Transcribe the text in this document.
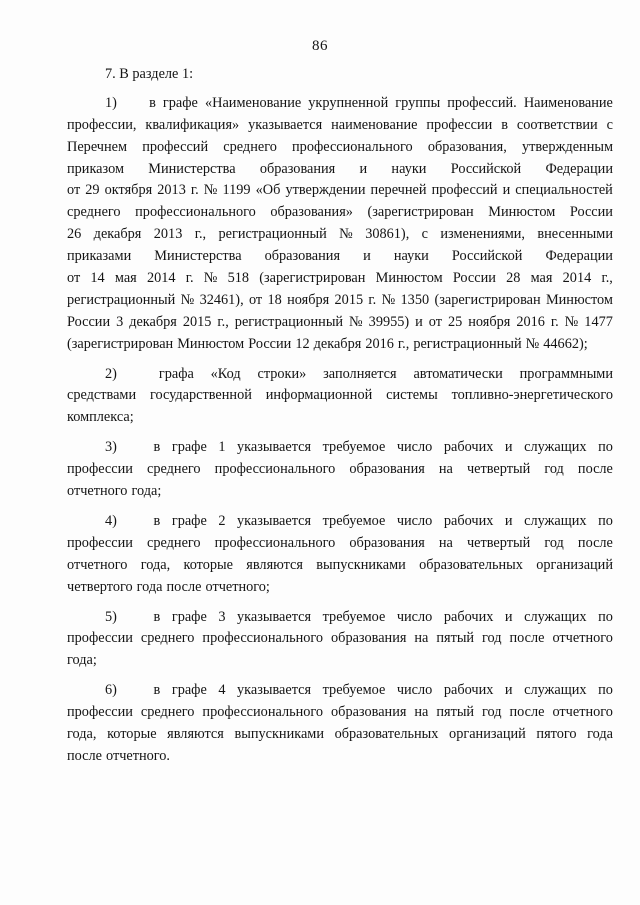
86
7. В разделе 1:
1)	в графе «Наименование укрупненной группы профессий. Наименование
профессии, квалификация» указывается наименование профессии в соответствии с
Перечнем профессий среднего профессионального образования, утвержденным
приказом Министерства образования и науки Российской Федерации
от 29 октября 2013 г. № 1199 «Об утверждении перечней профессий и специальностей
среднего профессионального образования» (зарегистрирован Минюстом России
26 декабря 2013 г., регистрационный № 30861), с изменениями, внесенными
приказами Министерства образования и науки Российской Федерации
от 14 мая 2014 г. № 518 (зарегистрирован Минюстом России 28 мая 2014 г.,
регистрационный № 32461), от 18 ноября 2015 г. № 1350 (зарегистрирован Минюстом
России 3 декабря 2015 г., регистрационный № 39955) и от 25 ноября 2016 г. № 1477
(зарегистрирован Минюстом России 12 декабря 2016 г., регистрационный № 44662);
2)	графа «Код строки» заполняется автоматически программными
средствами государственной информационной системы топливно-энергетического
комплекса;
3)	в графе 1 указывается требуемое число рабочих и служащих по
профессии среднего профессионального образования на четвертый год после
отчетного года;
4)	в графе 2 указывается требуемое число рабочих и служащих по
профессии среднего профессионального образования на четвертый год после
отчетного года, которые являются выпускниками образовательных организаций
четвертого года после отчетного;
5)	в графе 3 указывается требуемое число рабочих и служащих по
профессии среднего профессионального образования на пятый год после отчетного
года;
6)	в графе 4 указывается требуемое число рабочих и служащих по
профессии среднего профессионального образования на пятый год после отчетного
года, которые являются выпускниками образовательных организаций пятого года
после отчетного.
